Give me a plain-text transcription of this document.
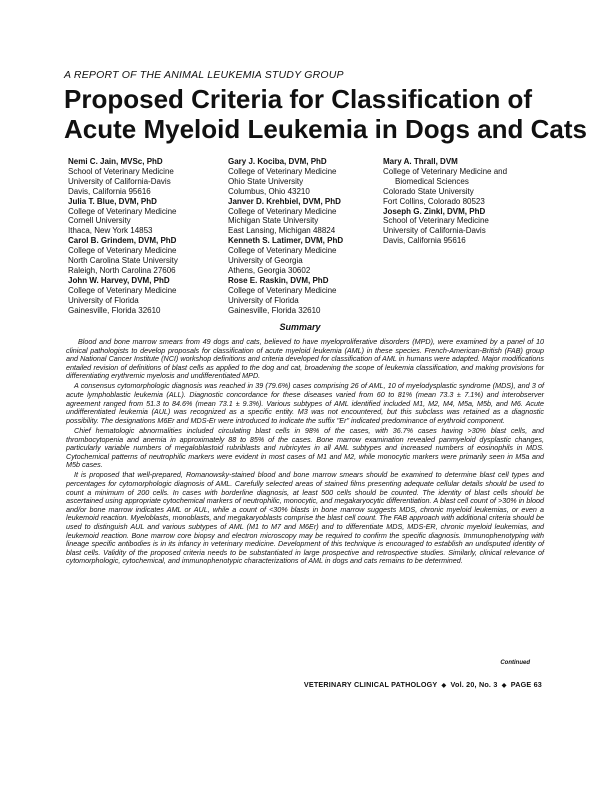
A REPORT OF THE ANIMAL LEUKEMIA STUDY GROUP
Proposed Criteria for Classification of
Acute Myeloid Leukemia in Dogs and Cats
Nemi C. Jain, MVSc, PhD
School of Veterinary Medicine
University of California-Davis
Davis, California 95616
Julia T. Blue, DVM, PhD
College of Veterinary Medicine
Cornell University
Ithaca, New York 14853
Carol B. Grindem, DVM, PhD
College of Veterinary Medicine
North Carolina State University
Raleigh, North Carolina 27606
John W. Harvey, DVM, PhD
College of Veterinary Medicine
University of Florida
Gainesville, Florida 32610
Gary J. Kociba, DVM, PhD
College of Veterinary Medicine
Ohio State University
Columbus, Ohio 43210
Janver D. Krehbiel, DVM, PhD
College of Veterinary Medicine
Michigan State University
East Lansing, Michigan 48824
Kenneth S. Latimer, DVM, PhD
College of Veterinary Medicine
University of Georgia
Athens, Georgia 30602
Rose E. Raskin, DVM, PhD
College of Veterinary Medicine
University of Florida
Gainesville, Florida 32610
Mary A. Thrall, DVM
College of Veterinary Medicine and
Biomedical Sciences
Colorado State University
Fort Collins, Colorado 80523
Joseph G. Zinkl, DVM, PhD
School of Veterinary Medicine
University of California-Davis
Davis, California 95616
Summary

Blood and bone marrow smears from 49 dogs and cats, believed to have myeloproliferative disorders (MPD), were examined by a panel of 10 clinical pathologists to develop proposals for classification of acute myeloid leukemia (AML) in these species. French-American-British (FAB) group and National Cancer Institute (NCI) workshop definitions and criteria developed for classification of AML in humans were adapted. Major modifications entailed revision of definitions of blast cells as applied to the dog and cat, broadening the scope of leukemia classification, and making provisions for differentiating erythremic myelosis and undifferentiated MPD.

A consensus cytomorphologic diagnosis was reached in 39 (79.6%) cases comprising 26 of AML, 10 of myelodysplastic syndrome (MDS), and 3 of acute lymphoblastic leukemia (ALL). Diagnostic concordance for these diseases varied from 60 to 81% (mean 73.3 ± 7.1%) and interobserver agreement ranged from 51.3 to 84.6% (mean 73.1 ± 9.3%). Various subtypes of AML identified included M1, M2, M4, M5a, M5b, and M6. Acute undifferentiated leukemia (AUL) was recognized as a specific entity. M3 was not encountered, but this subclass was retained as a diagnostic possibility. The designations M6Er and MDS-Er were introduced to indicate the suffix "Er" indicated predominance of erythroid component.

Chief hematologic abnormalities included circulating blast cells in 98% of the cases, with 36.7% cases having >30% blast cells, and thrombocytopenia and anemia in approximately 88 to 85% of the cases. Bone marrow examination revealed panmyeloid dysplastic changes, particularly variable numbers of megaloblastoid rubriblasts and rubricytes in all AML subtypes and increased numbers of eosinophils in MDS. Cytochemical patterns of neutrophilic markers were evident in most cases of M1 and M2, while monocytic markers were primarily seen in M5a and M5b cases.

It is proposed that well-prepared, Romanowsky-stained blood and bone marrow smears should be examined to determine blast cell types and percentages for cytomorphologic diagnosis of AML. Carefully selected areas of stained films presenting adequate cellular details should be used to count a minimum of 200 cells. In cases with borderline diagnosis, at least 500 cells should be counted. The identity of blast cells should be ascertained using appropriate cytochemical markers of neutrophilic, monocytic, and megakaryocytic differentiation. A blast cell count of >30% in blood and/or bone marrow indicates AML or AUL, while a count of <30% blasts in bone marrow suggests MDS, chronic myeloid leukemias, or even a leukemoid reaction. Myeloblasts, monoblasts, and megakaryoblasts comprise the blast cell count. The FAB approach with additional criteria should be used to distinguish AUL and various subtypes of AML (M1 to M7 and M6Er) and to differentiate MDS, MDS-ER, chronic myeloid leukemias, and leukemoid reaction. Bone marrow core biopsy and electron microscopy may be required to confirm the specific diagnosis. Immunophenotyping with lineage specific antibodies is in its infancy in veterinary medicine. Development of this technique is encouraged to establish an undisputed identity of blast cells. Validity of the proposed criteria needs to be substantiated in large prospective and retrospective studies. Similarly, clinical relevance of cytomorphologic, cytochemical, and immunophenotypic characterizations of AML in dogs and cats remains to be determined.

Continued
VETERINARY CLINICAL PATHOLOGY ◆ Vol. 20, No. 3 ◆ PAGE 63
